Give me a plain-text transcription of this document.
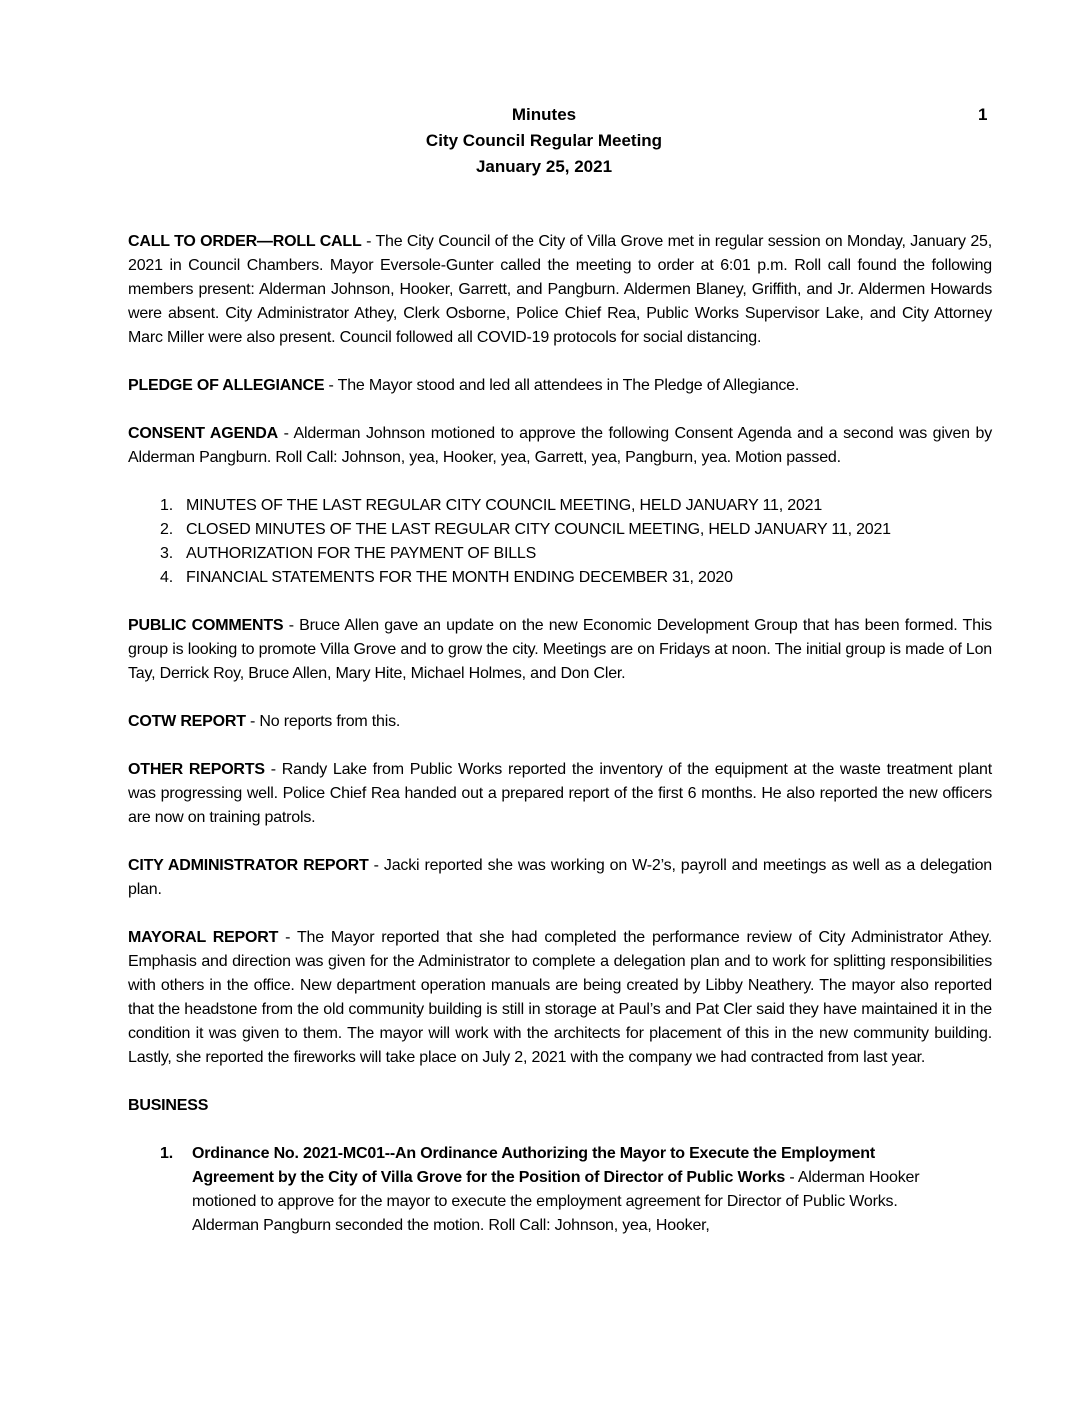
Minutes
City Council Regular Meeting
January 25, 2021
1

CALL TO ORDER—ROLL CALL - The City Council of the City of Villa Grove met in regular session on Monday, January 25, 2021 in Council Chambers. Mayor Eversole-Gunter called the meeting to order at 6:01 p.m. Roll call found the following members present: Alderman Johnson, Hooker, Garrett, and Pangburn. Aldermen Blaney, Griffith, and Jr. Aldermen Howards were absent. City Administrator Athey, Clerk Osborne, Police Chief Rea, Public Works Supervisor Lake, and City Attorney Marc Miller were also present. Council followed all COVID-19 protocols for social distancing.

PLEDGE OF ALLEGIANCE - The Mayor stood and led all attendees in The Pledge of Allegiance.

CONSENT AGENDA - Alderman Johnson motioned to approve the following Consent Agenda and a second was given by Alderman Pangburn. Roll Call: Johnson, yea, Hooker, yea, Garrett, yea, Pangburn, yea. Motion passed.

1. MINUTES OF THE LAST REGULAR CITY COUNCIL MEETING, HELD JANUARY 11, 2021
2. CLOSED MINUTES OF THE LAST REGULAR CITY COUNCIL MEETING, HELD JANUARY 11, 2021
3. AUTHORIZATION FOR THE PAYMENT OF BILLS
4. FINANCIAL STATEMENTS FOR THE MONTH ENDING DECEMBER 31, 2020

PUBLIC COMMENTS - Bruce Allen gave an update on the new Economic Development Group that has been formed. This group is looking to promote Villa Grove and to grow the city. Meetings are on Fridays at noon. The initial group is made of Lon Tay, Derrick Roy, Bruce Allen, Mary Hite, Michael Holmes, and Don Cler.

COTW REPORT - No reports from this.

OTHER REPORTS - Randy Lake from Public Works reported the inventory of the equipment at the waste treatment plant was progressing well. Police Chief Rea handed out a prepared report of the first 6 months. He also reported the new officers are now on training patrols.

CITY ADMINISTRATOR REPORT - Jacki reported she was working on W-2’s, payroll and meetings as well as a delegation plan.

MAYORAL REPORT - The Mayor reported that she had completed the performance review of City Administrator Athey. Emphasis and direction was given for the Administrator to complete a delegation plan and to work for splitting responsibilities with others in the office. New department operation manuals are being created by Libby Neathery. The mayor also reported that the headstone from the old community building is still in storage at Paul’s and Pat Cler said they have maintained it in the condition it was given to them. The mayor will work with the architects for placement of this in the new community building. Lastly, she reported the fireworks will take place on July 2, 2021 with the company we had contracted from last year.

BUSINESS
1. Ordinance No. 2021-MC01--An Ordinance Authorizing the Mayor to Execute the Employment Agreement by the City of Villa Grove for the Position of Director of Public Works - Alderman Hooker motioned to approve for the mayor to execute the employment agreement for Director of Public Works. Alderman Pangburn seconded the motion. Roll Call: Johnson, yea, Hooker,
